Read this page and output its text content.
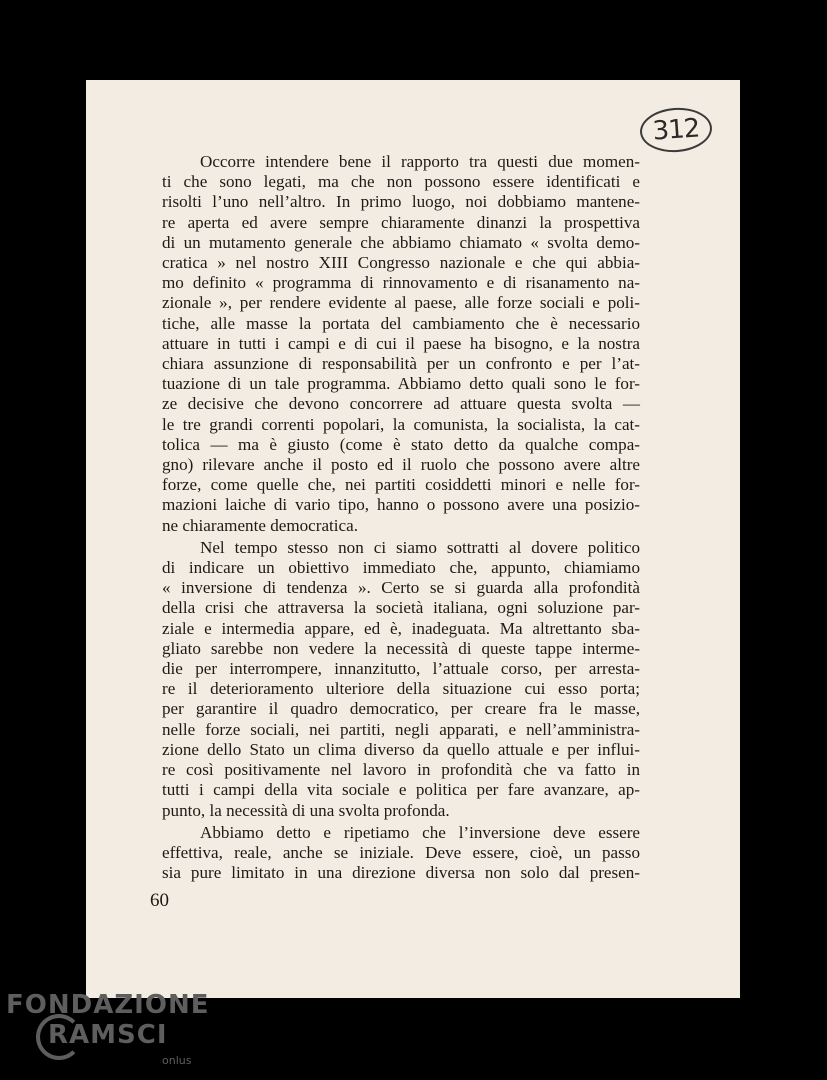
312
Occorre intendere bene il rapporto tra questi due momen-
ti che sono legati, ma che non possono essere identificati e
risolti l’uno nell’altro. In primo luogo, noi dobbiamo mantene-
re aperta ed avere sempre chiaramente dinanzi la prospettiva
di un mutamento generale che abbiamo chiamato « svolta demo-
cratica » nel nostro XIII Congresso nazionale e che qui abbia-
mo definito « programma di rinnovamento e di risanamento na-
zionale », per rendere evidente al paese, alle forze sociali e poli-
tiche, alle masse la portata del cambiamento che è necessario
attuare in tutti i campi e di cui il paese ha bisogno, e la nostra
chiara assunzione di responsabilità per un confronto e per l’at-
tuazione di un tale programma. Abbiamo detto quali sono le for-
ze decisive che devono concorrere ad attuare questa svolta —
le tre grandi correnti popolari, la comunista, la socialista, la cat-
tolica — ma è giusto (come è stato detto da qualche compa-
gno) rilevare anche il posto ed il ruolo che possono avere altre
forze, come quelle che, nei partiti cosiddetti minori e nelle for-
mazioni laiche di vario tipo, hanno o possono avere una posizio-
ne chiaramente democratica.
Nel tempo stesso non ci siamo sottratti al dovere politico
di indicare un obiettivo immediato che, appunto, chiamiamo
« inversione di tendenza ». Certo se si guarda alla profondità
della crisi che attraversa la società italiana, ogni soluzione par-
ziale e intermedia appare, ed è, inadeguata. Ma altrettanto sba-
gliato sarebbe non vedere la necessità di queste tappe interme-
die per interrompere, innanzitutto, l’attuale corso, per arresta-
re il deterioramento ulteriore della situazione cui esso porta;
per garantire il quadro democratico, per creare fra le masse,
nelle forze sociali, nei partiti, negli apparati, e nell’amministra-
zione dello Stato un clima diverso da quello attuale e per influi-
re così positivamente nel lavoro in profondità che va fatto in
tutti i campi della vita sociale e politica per fare avanzare, ap-
punto, la necessità di una svolta profonda.
Abbiamo detto e ripetiamo che l’inversione deve essere
effettiva, reale, anche se iniziale. Deve essere, cioè, un passo
sia pure limitato in una direzione diversa non solo dal presen-
60
FONDAZIONE
RAMSCI
onlus
